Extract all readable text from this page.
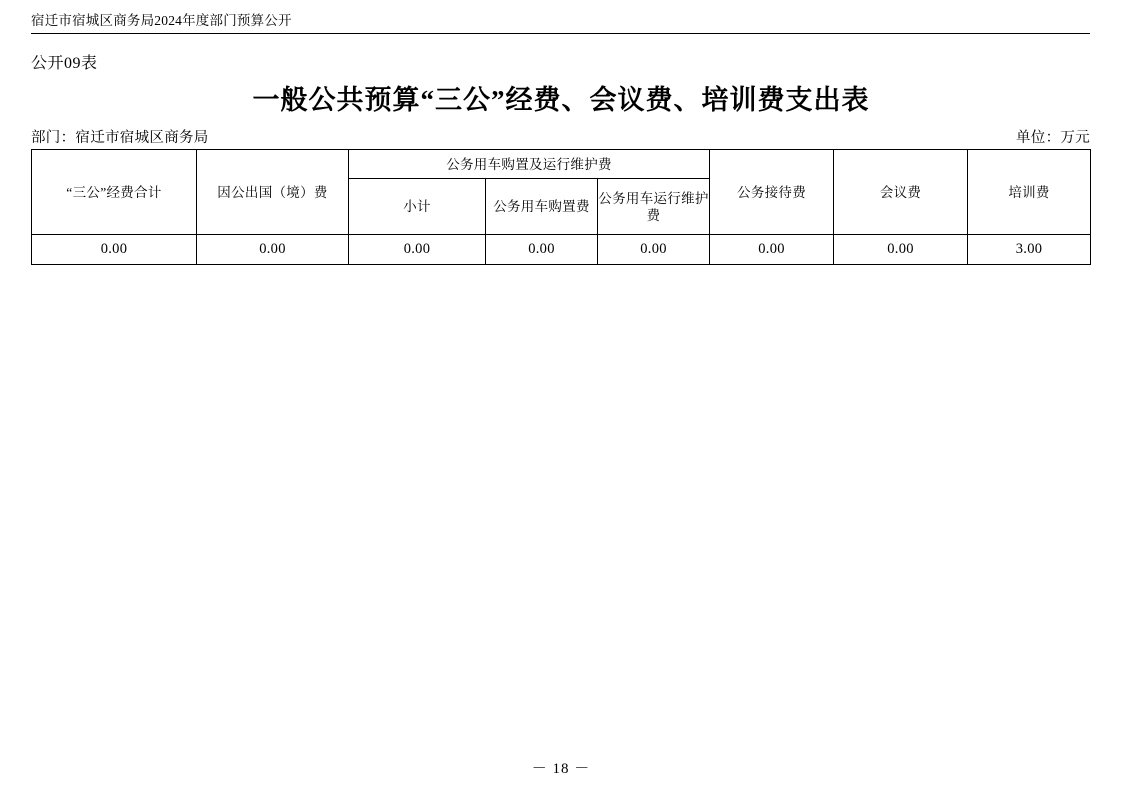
宿迁市宿城区商务局2024年度部门预算公开
公开09表
一般公共预算“三公”经费、会议费、培训费支出表
部门：宿迁市宿城区商务局	单位：万元
“三公”经费合计	因公出国（境）费	公务用车购置及运行维护费			公务接待费	会议费	培训费
		小计	公务用车购置费	公务用车运行维护费			
0.00	0.00	0.00	0.00	0.00	0.00	0.00	3.00
－ 18 －
